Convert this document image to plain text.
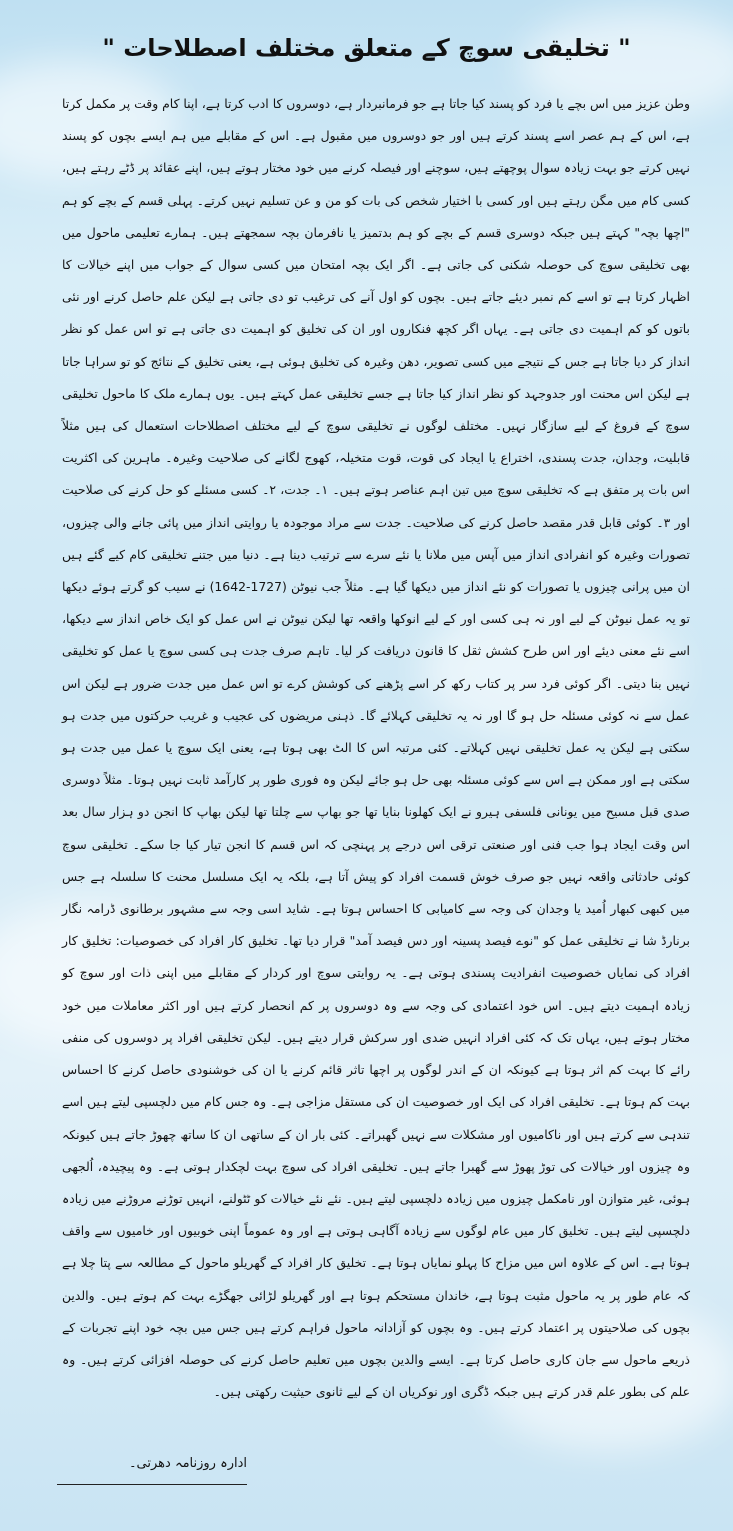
" تخلیقی سوچ کے متعلق مختلف اصطلاحات "

وطن عزیز میں اس بچے یا فرد کو پسند کیا جاتا ہے جو فرمانبردار ہے، دوسروں کا ادب کرتا ہے، اپنا کام وقت پر مکمل کرتا ہے، اس کے ہم عصر اسے پسند کرتے ہیں اور جو دوسروں میں مقبول ہے۔ اس کے مقابلے میں ہم ایسے بچوں کو پسند نہیں کرتے جو بہت زیادہ سوال پوچھتے ہیں، سوچنے اور فیصلہ کرنے میں خود مختار ہوتے ہیں، اپنے عقائد پر ڈٹے رہتے ہیں، کسی کام میں مگن رہتے ہیں اور کسی با اختیار شخص کی بات کو من و عن تسلیم نہیں کرتے۔ پہلی قسم کے بچے کو ہم "اچھا بچہ" کہتے ہیں جبکہ دوسری قسم کے بچے کو ہم بدتمیز یا نافرمان بچہ سمجھتے ہیں۔ ہمارے تعلیمی ماحول میں بھی تخلیقی سوچ کی حوصلہ شکنی کی جاتی ہے۔ اگر ایک بچہ امتحان میں کسی سوال کے جواب میں اپنے خیالات کا اظہار کرتا ہے تو اسے کم نمبر دیئے جاتے ہیں۔ بچوں کو اول آنے کی ترغیب تو دی جاتی ہے لیکن علم حاصل کرنے اور نئی باتوں کو کم اہمیت دی جاتی ہے۔ یہاں اگر کچھ فنکاروں اور ان کی تخلیق کو اہمیت دی جاتی ہے تو اس عمل کو نظر انداز کر دیا جاتا ہے جس کے نتیجے میں کسی تصویر، دھن وغیرہ کی تخلیق ہوئی ہے، یعنی تخلیق کے نتائج کو تو سراہا جاتا ہے لیکن اس محنت اور جدوجہد کو نظر انداز کیا جاتا ہے جسے تخلیقی عمل کہتے ہیں۔ یوں ہمارے ملک کا ماحول تخلیقی سوچ کے فروغ کے لیے سازگار نہیں۔ مختلف لوگوں نے تخلیقی سوچ کے لیے مختلف اصطلاحات استعمال کی ہیں مثلاً قابلیت، وجدان، جدت پسندی، اختراع یا ایجاد کی قوت، قوت متخیلہ، کھوج لگانے کی صلاحیت وغیرہ۔ ماہرین کی اکثریت اس بات پر متفق ہے کہ تخلیقی سوچ میں تین اہم عناصر ہوتے ہیں۔ ١۔ جدت، ٢۔ کسی مسئلے کو حل کرنے کی صلاحیت اور ٣۔ کوئی قابل قدر مقصد حاصل کرنے کی صلاحیت۔ جدت سے مراد موجودہ یا روایتی انداز میں پائی جانے والی چیزوں، تصورات وغیرہ کو انفرادی انداز میں آپس میں ملانا یا نئے سرے سے ترتیب دینا ہے۔ دنیا میں جتنے تخلیقی کام کیے گئے ہیں ان میں پرانی چیزوں یا تصورات کو نئے انداز میں دیکھا گیا ہے۔ مثلاً جب نیوٹن (1727-1642) نے سیب کو گرتے ہوئے دیکھا تو یہ عمل نیوٹن کے لیے اور نہ ہی کسی اور کے لیے انوکھا واقعہ تھا لیکن نیوٹن نے اس عمل کو ایک خاص انداز سے دیکھا، اسے نئے معنی دیئے اور اس طرح کشش ثقل کا قانون دریافت کر لیا۔ تاہم صرف جدت ہی کسی سوچ یا عمل کو تخلیقی نہیں بنا دیتی۔ اگر کوئی فرد سر پر کتاب رکھ کر اسے پڑھنے کی کوشش کرے تو اس عمل میں جدت ضرور ہے لیکن اس عمل سے نہ کوئی مسئلہ حل ہو گا اور نہ یہ تخلیقی کہلائے گا۔ ذہنی مریضوں کی عجیب و غریب حرکتوں میں جدت ہو سکتی ہے لیکن یہ عمل تخلیقی نہیں کہلاتے۔ کئی مرتبہ اس کا الٹ بھی ہوتا ہے، یعنی ایک سوچ یا عمل میں جدت ہو سکتی ہے اور ممکن ہے اس سے کوئی مسئلہ بھی حل ہو جائے لیکن وہ فوری طور پر کارآمد ثابت نہیں ہوتا۔ مثلاً دوسری صدی قبل مسیح میں یونانی فلسفی ہیرو نے ایک کھلونا بنایا تھا جو بھاپ سے چلتا تھا لیکن بھاپ کا انجن دو ہزار سال بعد اس وقت ایجاد ہوا جب فنی اور صنعتی ترقی اس درجے پر پہنچی کہ اس قسم کا انجن تیار کیا جا سکے۔ تخلیقی سوچ کوئی حادثاتی واقعہ نہیں جو صرف خوش قسمت افراد کو پیش آتا ہے، بلکہ یہ ایک مسلسل محنت کا سلسلہ ہے جس میں کبھی کبھار اُمید یا وجدان کی وجہ سے کامیابی کا احساس ہوتا ہے۔ شاید اسی وجہ سے مشہور برطانوی ڈرامہ نگار برنارڈ شا نے تخلیقی عمل کو "نوے فیصد پسینہ اور دس فیصد آمد" قرار دیا تھا۔ تخلیق کار افراد کی خصوصیات: تخلیق کار افراد کی نمایاں خصوصیت انفرادیت پسندی ہوتی ہے۔ یہ روایتی سوچ اور کردار کے مقابلے میں اپنی ذات اور سوچ کو زیادہ اہمیت دیتے ہیں۔ اس خود اعتمادی کی وجہ سے وہ دوسروں پر کم انحصار کرتے ہیں اور اکثر معاملات میں خود مختار ہوتے ہیں، یہاں تک کہ کئی افراد انہیں ضدی اور سرکش قرار دیتے ہیں۔ لیکن تخلیقی افراد پر دوسروں کی منفی رائے کا بہت کم اثر ہوتا ہے کیونکہ ان کے اندر لوگوں پر اچھا تاثر قائم کرنے یا ان کی خوشنودی حاصل کرنے کا احساس بہت کم ہوتا ہے۔ تخلیقی افراد کی ایک اور خصوصیت ان کی مستقل مزاجی ہے۔ وہ جس کام میں دلچسپی لیتے ہیں اسے تندہی سے کرتے ہیں اور ناکامیوں اور مشکلات سے نہیں گھبراتے۔ کئی بار ان کے ساتھی ان کا ساتھ چھوڑ جاتے ہیں کیونکہ وہ چیزوں اور خیالات کی توڑ پھوڑ سے گھبرا جاتے ہیں۔ تخلیقی افراد کی سوچ بہت لچکدار ہوتی ہے۔ وہ پیچیدہ، اُلجھی ہوئی، غیر متوازن اور نامکمل چیزوں میں زیادہ دلچسپی لیتے ہیں۔ نئے نئے خیالات کو ٹٹولنے، انہیں توڑنے مروڑنے میں زیادہ دلچسپی لیتے ہیں۔ تخلیق کار میں عام لوگوں سے زیادہ آگاہی ہوتی ہے اور وہ عموماً اپنی خوبیوں اور خامیوں سے واقف ہوتا ہے۔ اس کے علاوہ اس میں مزاح کا پہلو نمایاں ہوتا ہے۔ تخلیق کار افراد کے گھریلو ماحول کے مطالعہ سے پتا چلا ہے کہ عام طور پر یہ ماحول مثبت ہوتا ہے، خاندان مستحکم ہوتا ہے اور گھریلو لڑائی جھگڑے بہت کم ہوتے ہیں۔ والدین بچوں کی صلاحیتوں پر اعتماد کرتے ہیں۔ وہ بچوں کو آزادانہ ماحول فراہم کرتے ہیں جس میں بچہ خود اپنے تجربات کے ذریعے ماحول سے جان کاری حاصل کرتا ہے۔ ایسے والدین بچوں میں تعلیم حاصل کرنے کی حوصلہ افزائی کرتے ہیں۔ وہ علم کی بطور علم قدر کرتے ہیں جبکہ ڈگری اور نوکریاں ان کے لیے ثانوی حیثیت رکھتی ہیں۔

ادارہ روزنامہ دھرتی۔
